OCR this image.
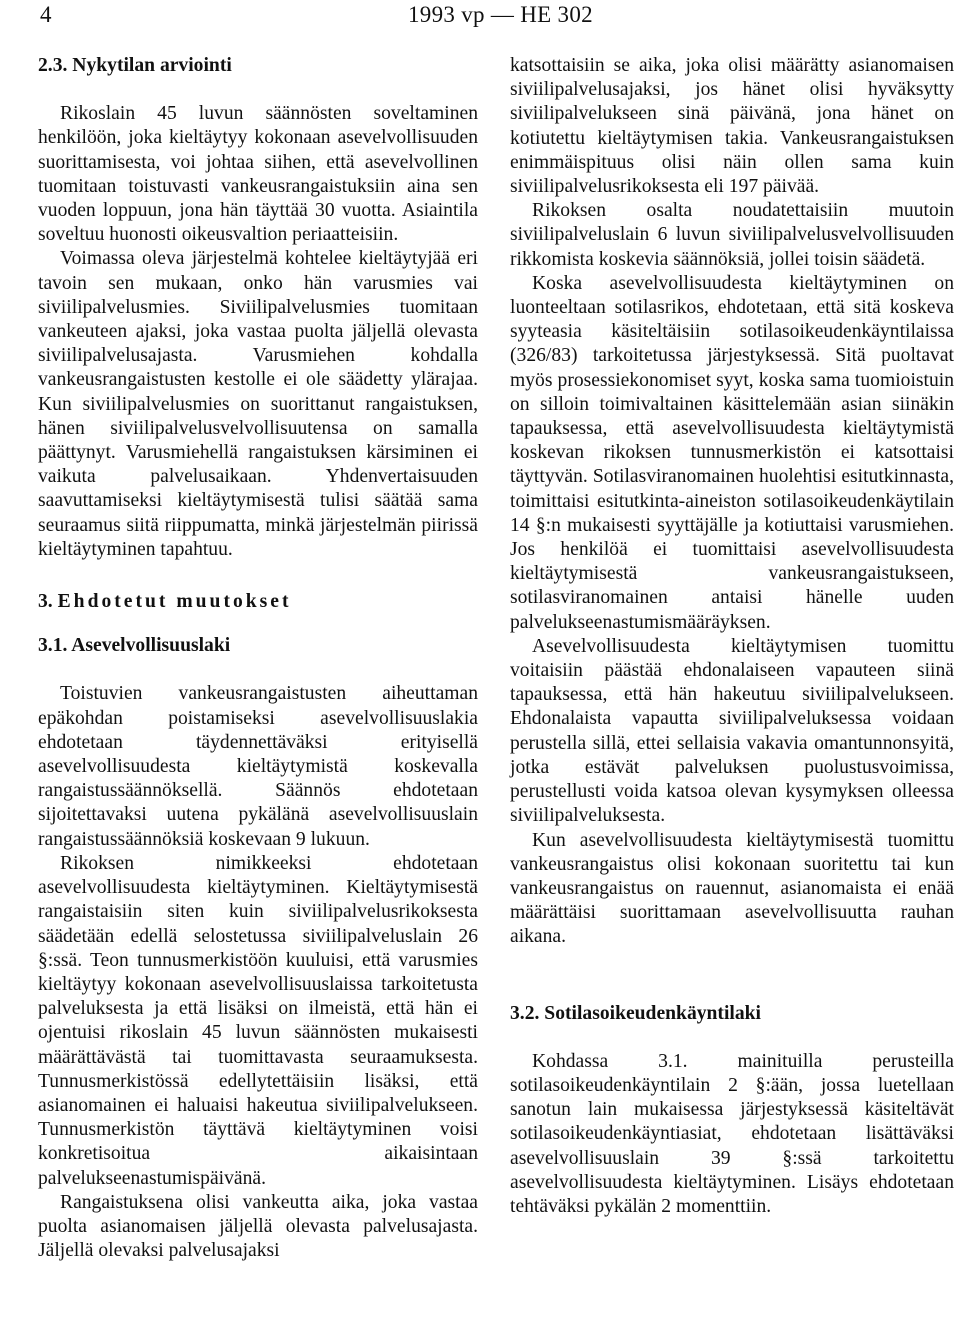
4	1993 vp — HE 302
2.3. Nykytilan arviointi

Rikoslain 45 luvun säännösten soveltaminen henkilöön, joka kieltäytyy kokonaan asevelvollisuuden suorittamisesta, voi johtaa siihen, että asevelvollinen tuomitaan toistuvasti vankeusrangaistuksiin aina sen vuoden loppuun, jona hän täyttää 30 vuotta. Asiaintila soveltuu huonosti oikeusvaltion periaatteisiin.

Voimassa oleva järjestelmä kohtelee kieltäytyjää eri tavoin sen mukaan, onko hän varusmies vai siviilipalvelusmies. Siviilipalvelusmies tuomitaan vankeuteen ajaksi, joka vastaa puolta jäljellä olevasta siviilipalvelusajasta. Varusmiehen kohdalla vankeusrangaistusten kestolle ei ole säädetty ylärajaa. Kun siviilipalvelusmies on suorittanut rangaistuksen, hänen siviilipalvelusvelvollisuutensa on samalla päättynyt. Varusmiehellä rangaistuksen kärsiminen ei vaikuta palvelusaikaan. Yhdenvertaisuuden saavuttamiseksi kieltäytymisestä tulisi säätää sama seuraamus siitä riippumatta, minkä järjestelmän piirissä kieltäytyminen tapahtuu.

3. Ehdotetut muutokset
3.1. Asevelvollisuuslaki

Toistuvien vankeusrangaistusten aiheuttaman epäkohdan poistamiseksi asevelvollisuuslakia ehdotetaan täydennettäväksi erityisellä asevelvollisuudesta kieltäytymistä koskevalla rangaistussäännöksellä. Säännös ehdotetaan sijoitettavaksi uutena pykälänä asevelvollisuuslain rangaistussäännöksiä koskevaan 9 lukuun.

Rikoksen nimikkeeksi ehdotetaan asevelvollisuudesta kieltäytyminen. Kieltäytymisestä rangaistaisiin siten kuin siviilipalvelusrikoksesta säädetään edellä selostetussa siviilipalveluslain 26 §:ssä. Teon tunnusmerkistöön kuuluisi, että varusmies kieltäytyy kokonaan asevelvollisuuslaissa tarkoitetusta palveluksesta ja että lisäksi on ilmeistä, että hän ei ojentuisi rikoslain 45 luvun säännösten mukaisesti määrättävästä tai tuomittavasta seuraamuksesta. Tunnusmerkistössä edellytettäisiin lisäksi, että asianomainen ei haluaisi hakeutua siviilipalvelukseen. Tunnusmerkistön täyttävä kieltäytyminen voisi konkretisoitua aikaisintaan palvelukseenastumispäivänä.

Rangaistuksena olisi vankeutta aika, joka vastaa puolta asianomaisen jäljellä olevasta palvelusajasta. Jäljellä olevaksi palvelusajaksi

katsottaisiin se aika, joka olisi määrätty asianomaisen siviilipalvelusajaksi, jos hänet olisi hyväksytty siviilipalvelukseen sinä päivänä, jona hänet on kotiutettu kieltäytymisen takia. Vankeusrangaistuksen enimmäispituus olisi näin ollen sama kuin siviilipalvelusrikoksesta eli 197 päivää.

Rikoksen osalta noudatettaisiin muutoin siviilipalveluslain 6 luvun siviilipalvelusvelvollisuuden rikkomista koskevia säännöksiä, jollei toisin säädetä.

Koska asevelvollisuudesta kieltäytyminen on luonteeltaan sotilasrikos, ehdotetaan, että sitä koskeva syyteasia käsiteltäisiin sotilasoikeudenkäyntilaissa (326/83) tarkoitetussa järjestyksessä. Sitä puoltavat myös prosessiekonomiset syyt, koska sama tuomioistuin on silloin toimivaltainen käsittelemään asian siinäkin tapauksessa, että asevelvollisuudesta kieltäytymistä koskevan rikoksen tunnusmerkistön ei katsottaisi täyttyvän. Sotilasviranomainen huolehtisi esitutkinnasta, toimittaisi esitutkinta-aineiston sotilasoikeudenkäytilain 14 §:n mukaisesti syyttäjälle ja kotiuttaisi varusmiehen. Jos henkilöä ei tuomittaisi asevelvollisuudesta kieltäytymisestä vankeusrangaistukseen, sotilasviranomainen antaisi hänelle uuden palvelukseenastumismääräyksen.

Asevelvollisuudesta kieltäytymisen tuomittu voitaisiin päästää ehdonalaiseen vapauteen siinä tapauksessa, että hän hakeutuu siviilipalvelukseen. Ehdonalaista vapautta siviilipalveluksessa voidaan perustella sillä, ettei sellaisia vakavia omantunnonsyitä, jotka estävät palveluksen puolustusvoimissa, perustellusti voida katsoa olevan kysymyksen olleessa siviilipalveluksesta.

Kun asevelvollisuudesta kieltäytymisestä tuomittu vankeusrangaistus olisi kokonaan suoritettu tai kun vankeusrangaistus on rauennut, asianomaista ei enää määrättäisi suorittamaan asevelvollisuutta rauhan aikana.

3.2. Sotilasoikeudenkäyntilaki

Kohdassa 3.1. mainituilla perusteilla sotilasoikeudenkäyntilain 2 §:ään, jossa luetellaan sanotun lain mukaisessa järjestyksessä käsiteltävät sotilasoikeudenkäyntiasiat, ehdotetaan lisättäväksi asevelvollisuuslain 39 §:ssä tarkoitettu asevelvollisuudesta kieltäytyminen. Lisäys ehdotetaan tehtäväksi pykälän 2 momenttiin.
